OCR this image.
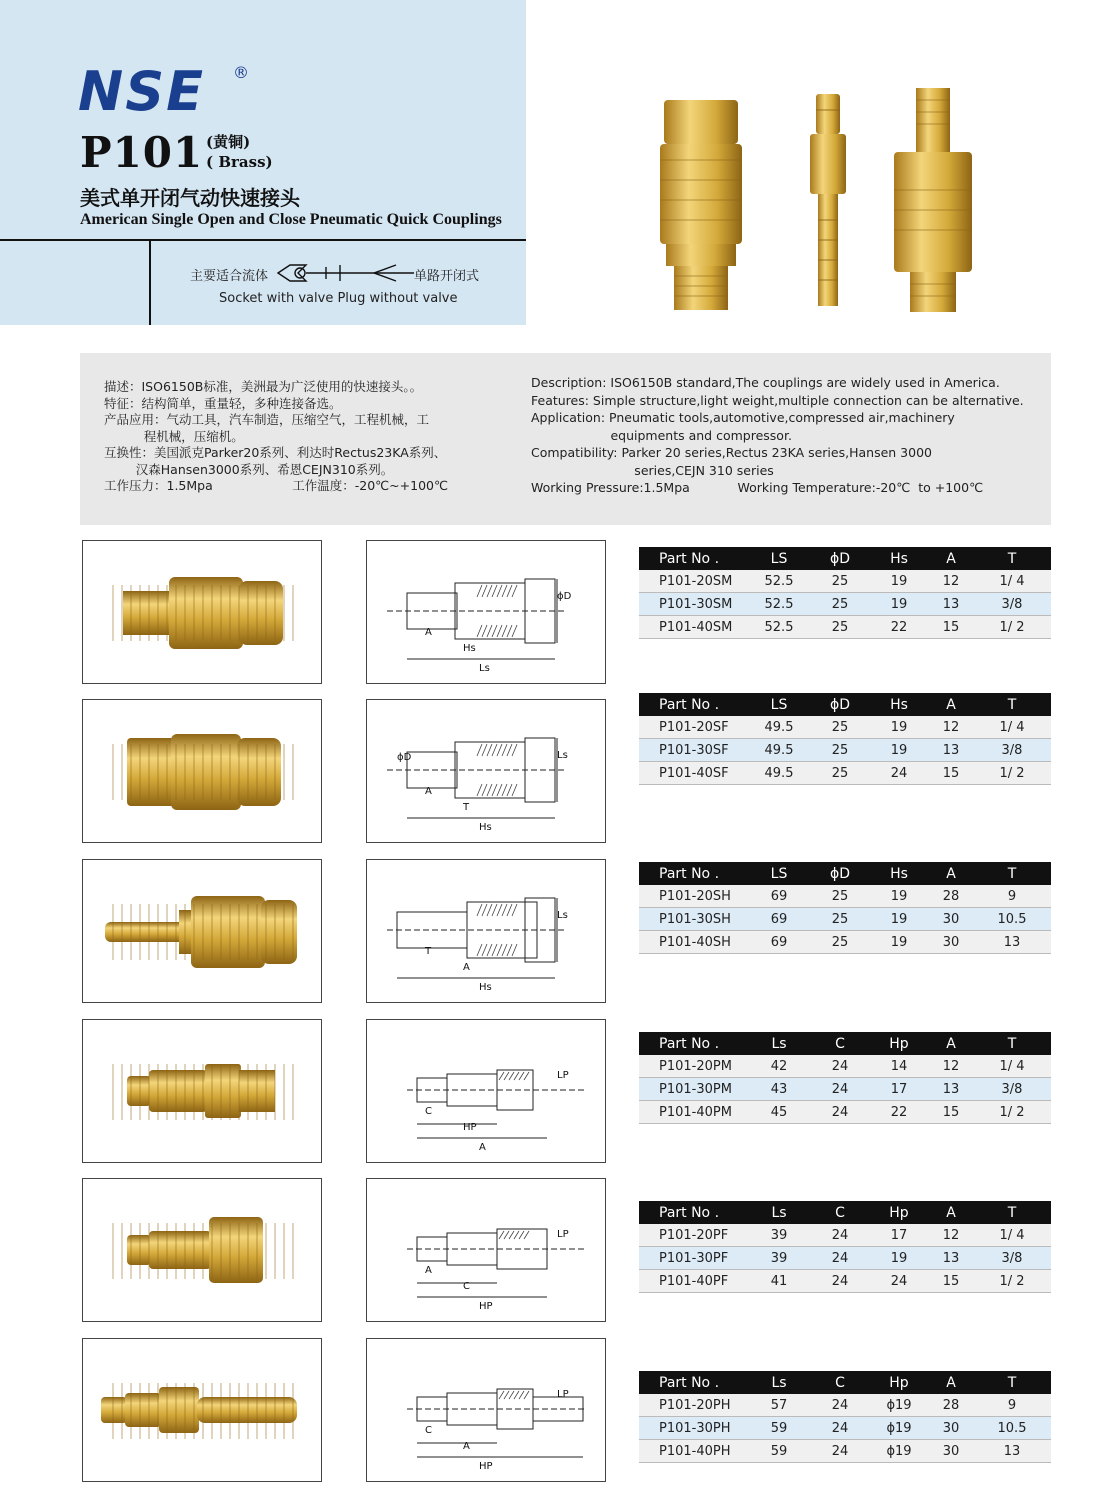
NSE ®
P101 (黄铜)
( Brass)
美式单开闭气动快速接头
American Single Open and Close Pneumatic Quick Couplings
主要适合流体	单路开闭式
Socket with valve Plug without valve
描述：ISO6150B标准，美洲最为广泛使用的快速接头。。
特征：结构简单，重量轻，多种连接备选。
产品应用：气动工具，汽车制造，压缩空气，工程机械，工
程机械，压缩机。
互换性：美国派克Parker20系列、利达时Rectus23KA系列、
汉森Hansen3000系列、希恩CEJN310系列。
工作压力：1.5Mpa                    工作温度：-20℃~+100℃
Description: ISO6150B standard,The couplings are widely used in America.
Features: Simple structure,light weight,multiple connection can be alternative.
Application: Pneumatic tools,automotive,compressed air,machinery
equipments and compressor.
Compatibility: Parker 20 series,Rectus 23KA series,Hansen 3000
series,CEJN 310 series
Working Pressure:1.5Mpa            Working Temperature:-20℃  to +100℃
A
Hs
Ls
ϕD
Part No .	LS	ϕD	Hs	A	T
P101-20SM	52.5	25	19	12	1/ 4
P101-30SM	52.5	25	19	13	3/8
P101-40SM	52.5	25	22	15	1/ 2
A
T
Hs
Ls
ϕD
Part No .	LS	ϕD	Hs	A	T
P101-20SF	49.5	25	19	12	1/ 4
P101-30SF	49.5	25	19	13	3/8
P101-40SF	49.5	25	24	15	1/ 2
T
A
Hs
Ls
Part No .	LS	ϕD	Hs	A	T
P101-20SH	69	25	19	28	9
P101-30SH	69	25	19	30	10.5
P101-40SH	69	25	19	30	13
C
HP
A
LP
Part No .	Ls	C	Hp	A	T
P101-20PM	42	24	14	12	1/ 4
P101-30PM	43	24	17	13	3/8
P101-40PM	45	24	22	15	1/ 2
A
C
HP
LP
Part No .	Ls	C	Hp	A	T
P101-20PF	39	24	17	12	1/ 4
P101-30PF	39	24	19	13	3/8
P101-40PF	41	24	24	15	1/ 2
C
A
HP
LP
Part No .	Ls	C	Hp	A	T
P101-20PH	57	24	ϕ19	28	9
P101-30PH	59	24	ϕ19	30	10.5
P101-40PH	59	24	ϕ19	30	13
